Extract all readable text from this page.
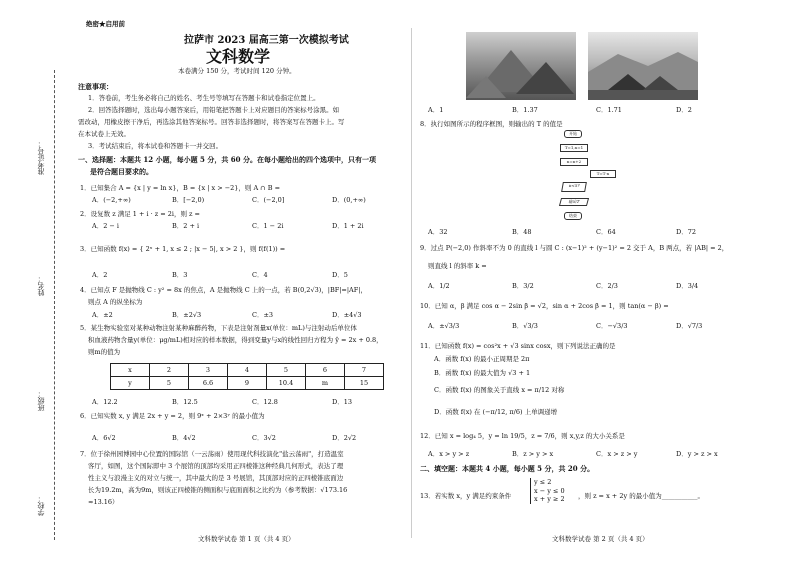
准考证号：
姓名：
班级：
学校：
绝密★启用前
拉萨市 2023 届高三第一次模拟考试
文科数学
本卷满分 150 分，考试时间 120 分钟。
注意事项：
1．答卷前，考生务必将自己的姓名、考生号等填写在答题卡和试卷指定位置上。
2．回答选择题时，选出每小题答案后，用铅笔把答题卡上对应题目的答案标号涂黑。如
需改动，用橡皮擦干净后，再选涂其他答案标号。回答非选择题时，将答案写在答题卡上。写
在本试卷上无效。
3．考试结束后，将本试卷和答题卡一并交回。
一、选择题：本题共 12 小题，每小题 5 分，共 60 分。在每小题给出的四个选项中，只有一项
是符合题目要求的。
1．已知集合 A = {x | y = ln x}，B = {x | x > −2}，则 A ∩ B =
A．(−2,+∞)	B．[−2,0)	C．(−2,0]	D．(0,+∞)
2．设复数 z 满足 1 + i · z = 2i，则 z =
A．2 − i	B．2 + i	C．1 − 2i	D．1 + 2i
3．已知函数 f(x) = { 2ˣ + 1, x ≤ 2 ; |x − 5|, x > 2 }，则 f(f(1)) =
A．2	B．3	C．4	D．5
4．已知点 F 是抛物线 C : y² = 8x 的焦点，A 是抛物线 C 上的一点，若 B(0,2√3)，|BF|=|AF|，
则点 A 的纵坐标为
A．±2	B．±2√3	C．±3	D．±4√3
5．某生物实验室对某种动物注射某种麻醉药物，下表是注射剂量x(单位：mL)与注射动后单位体
积血液药物含量y(单位：μg/mL)相对应的样本数据，得到变量y与x的线性回归方程为 ŷ = 2x + 0.8，
则m的值为
x	2	3	4	5	6	7
y	5	6.6	9	10.4	m	15
A．12.2	B．12.5	C．12.8	D．13
6．已知实数 x, y 满足 2x + y = 2，则 9ˣ + 2×3ʸ 的最小值为
A．6√2	B．4√2	C．3√2	D．2√2
7．位于徐州园博园中心位置的国际馆（一云荡雨）使用现代科技演化"盐云荡雨"，打造温室
客厅，如图，这个国际即中 3 个展馆的顶部均采用正四棱锥这种经典几何形式，表达了理
性主义与浪漫主义的对立与统一，其中最大的是 3 号展馆，其顶部对应的正四棱锥底面边
长为19.2m，高为9m，则该正四棱锥的侧面积与底面面积之比约为（参考数据：√173.16
≈13.16）
文科数学试卷 第 1 页（共 4 页）
A．1	B．1.37	C．1.71	D．2
8．执行如图所示的程序框图，则输出的 T 的值是
开始
T=1,n=1
n=n+2
T=T·n
n<5?
输出T
结束
A．32	B．48	C．64	D．72
9．过点 P(−2,0) 作斜率不为 0 的直线 l 与圆 C : (x−1)² + (y−1)² = 2 交于 A，B 两点，若 |AB| = 2，
则直线 l 的斜率 k =
A．1/2	B．3/2	C．2/3	D．3/4
10．已知 α，β 满足 cos α − 2sin β = √2，sin α + 2cos β = 1，则 tan(α − β) =
A．±√3/3	B．√3/3	C．−√3/3	D．√7/3
11．已知函数 f(x) = cos²x + √3 sinx cosx，则下列说法正确的是
A．函数 f(x) 的最小正周期是 2π
B．函数 f(x) 的最大值为 √3 + 1
C．函数 f(x) 的图象关于直线 x = π/12 对称
D．函数 f(x) 在 (−π/12, π/6) 上单调递增
12．已知 x = log₄ 5，y = ln 19/5，z = 7/6，则 x,y,z 的大小关系是
A．x > y > z	B．z > y > x	C．x > z > y	D．y > z > x
二、填空题：本题共 4 小题，每小题 5 分，共 20 分。
13．若实数 x，y 满足约束条件
y ≤ 2
x − y ≤ 0
x + y ≥ 2 ，则 z = x + 2y 的最小值为___________。
文科数学试卷 第 2 页（共 4 页）
